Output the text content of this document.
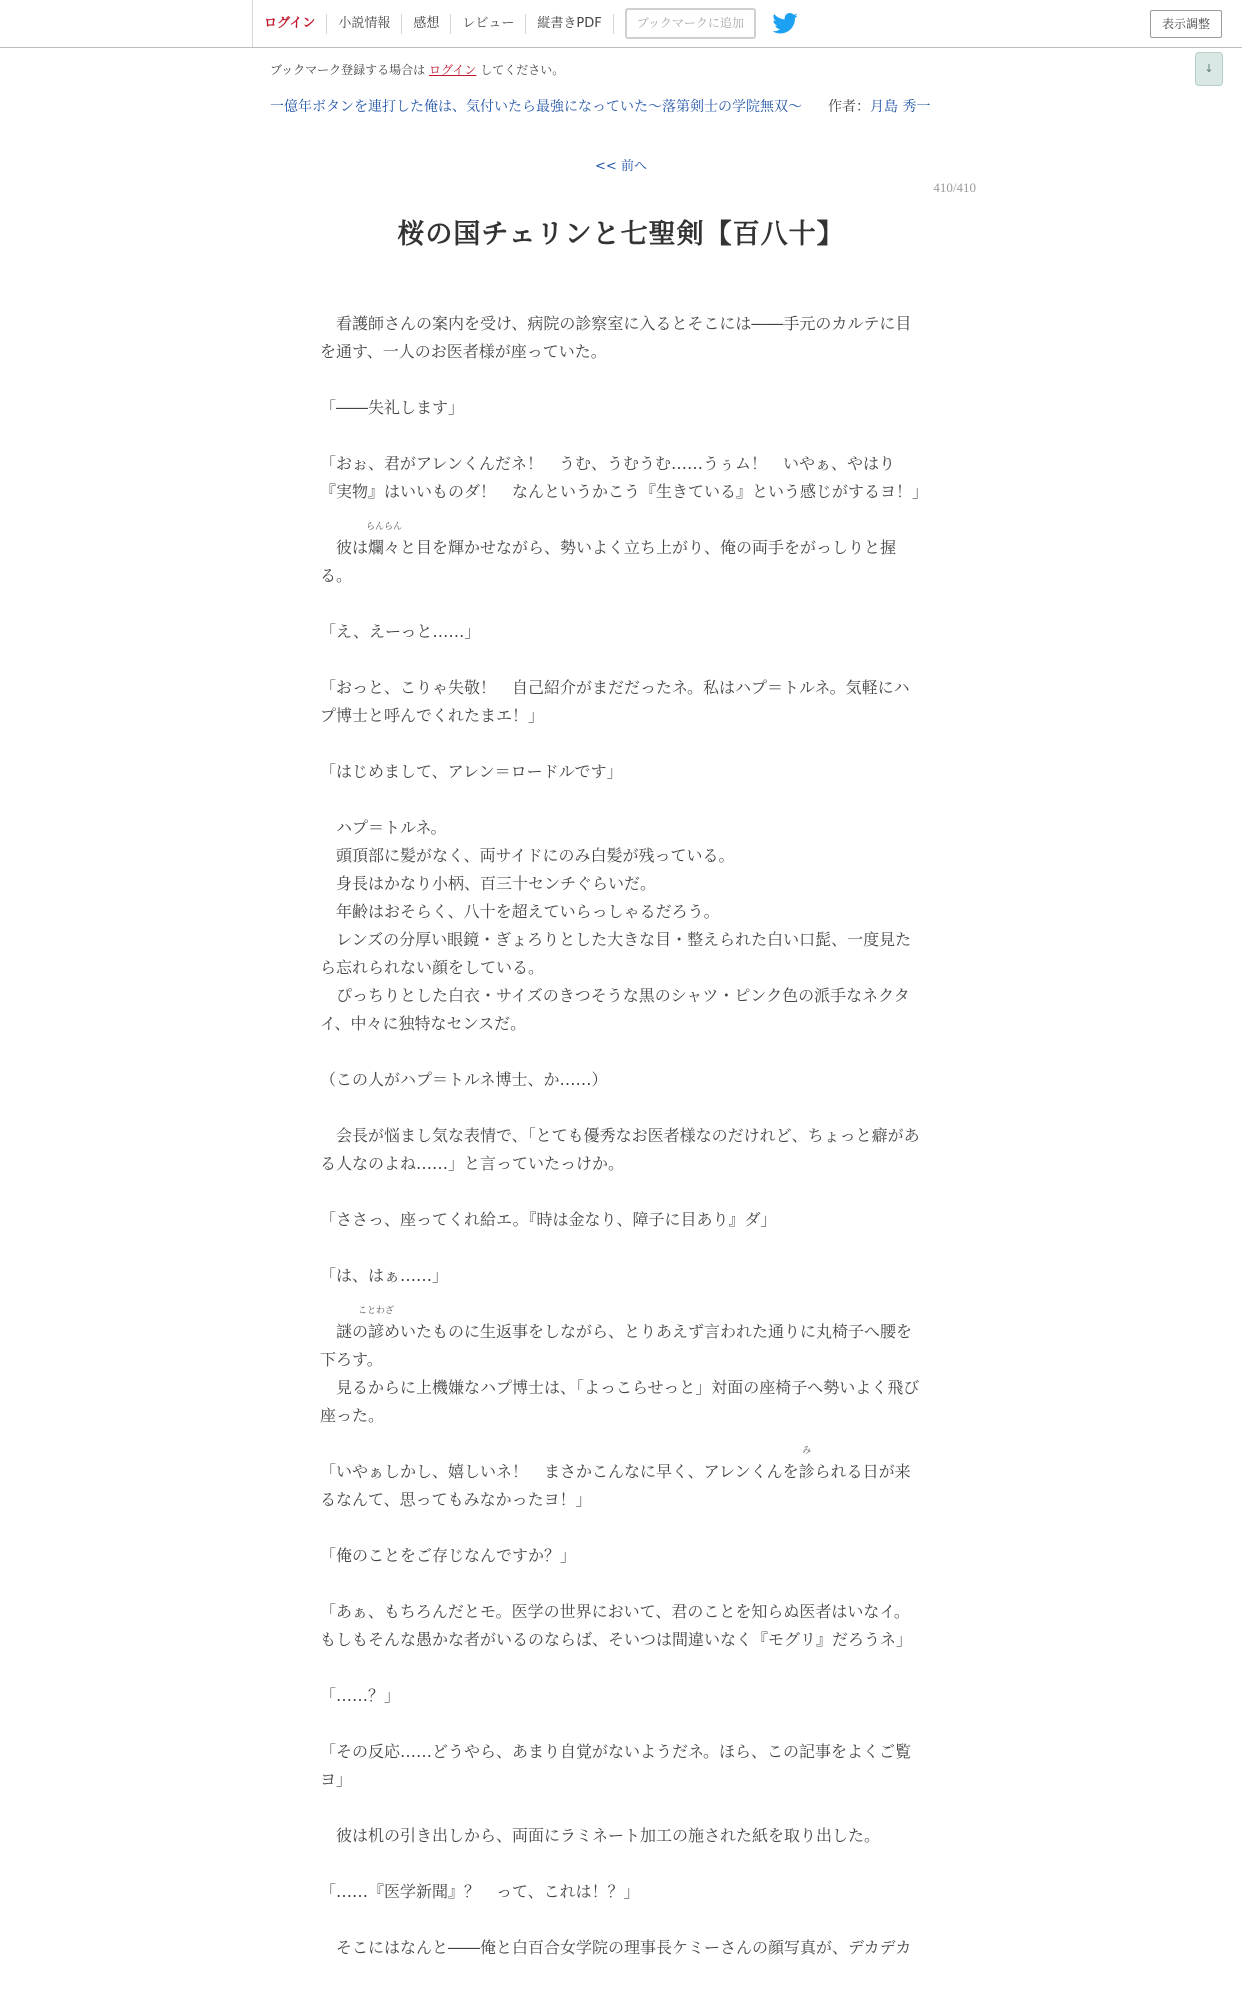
ログイン	小説情報	感想	レビュー	縦書きPDF	ブックマークに追加	表示調整
↓
ブックマーク登録する場合は ログイン してください。
一億年ボタンを連打した俺は、気付いたら最強になっていた～落第剣士の学院無双～ 作者： 月島 秀一
<< 前へ
410/410
桜の国チェリンと七聖剣【百八十】

　看護師さんの案内を受け、病院の診察室に入るとそこには――手元のカルテに目を通す、一人のお医者様が座っていた。

「――失礼します」

「おぉ、君がアレンくんだネ！　うむ、うむうむ……うぅム！　いやぁ、やはり『実物』はいいものダ！　なんというかこう『生きている』という感じがするヨ！」

　彼は爛々
らんらん
と目を輝かせながら、勢いよく立ち上がり、俺の両手をがっしりと握る。

「え、えーっと……」

「おっと、こりゃ失敬！　自己紹介がまだだったネ。私はハプ＝トルネ。気軽にハプ博士と呼んでくれたまエ！」

「はじめまして、アレン＝ロードルです」

　ハプ＝トルネ。
　頭頂部に髪がなく、両サイドにのみ白髪が残っている。
　身長はかなり小柄、百三十センチぐらいだ。
　年齢はおそらく、八十を超えていらっしゃるだろう。
　レンズの分厚い眼鏡・ぎょろりとした大きな目・整えられた白い口髭、一度見たら忘れられない顔をしている。
　ぴっちりとした白衣・サイズのきつそうな黒のシャツ・ピンク色の派手なネクタイ、中々に独特なセンスだ。

（この人がハプ＝トルネ博士、か……）

　会長が悩まし気な表情で、「とても優秀なお医者様なのだけれど、ちょっと癖がある人なのよね……」と言っていたっけか。

「ささっ、座ってくれ給エ。『時は金なり、障子に目あり』ダ」

「は、はぁ……」

　謎の諺
ことわざ
めいたものに生返事をしながら、とりあえず言われた通りに丸椅子へ腰を下ろす。
　見るからに上機嫌なハプ博士は、「よっこらせっと」対面の座椅子へ勢いよく飛び座った。

「いやぁしかし、嬉しいネ！　まさかこんなに早く、アレンくんを診
み
られる日が来るなんて、思ってもみなかったヨ！」

「俺のことをご存じなんですか？」

「あぁ、もちろんだとモ。医学の世界において、君のことを知らぬ医者はいなイ。もしもそんな愚かな者がいるのならば、そいつは間違いなく『モグリ』だろうネ」

「……？」

「その反応……どうやら、あまり自覚がないようだネ。ほら、この記事をよくご覧ヨ」

　彼は机の引き出しから、両面にラミネート加工の施された紙を取り出した。

「……『医学新聞』？　って、これは！？」

　そこにはなんと――俺と白百合女学院の理事長ケミーさんの顔写真が、デカデカ
